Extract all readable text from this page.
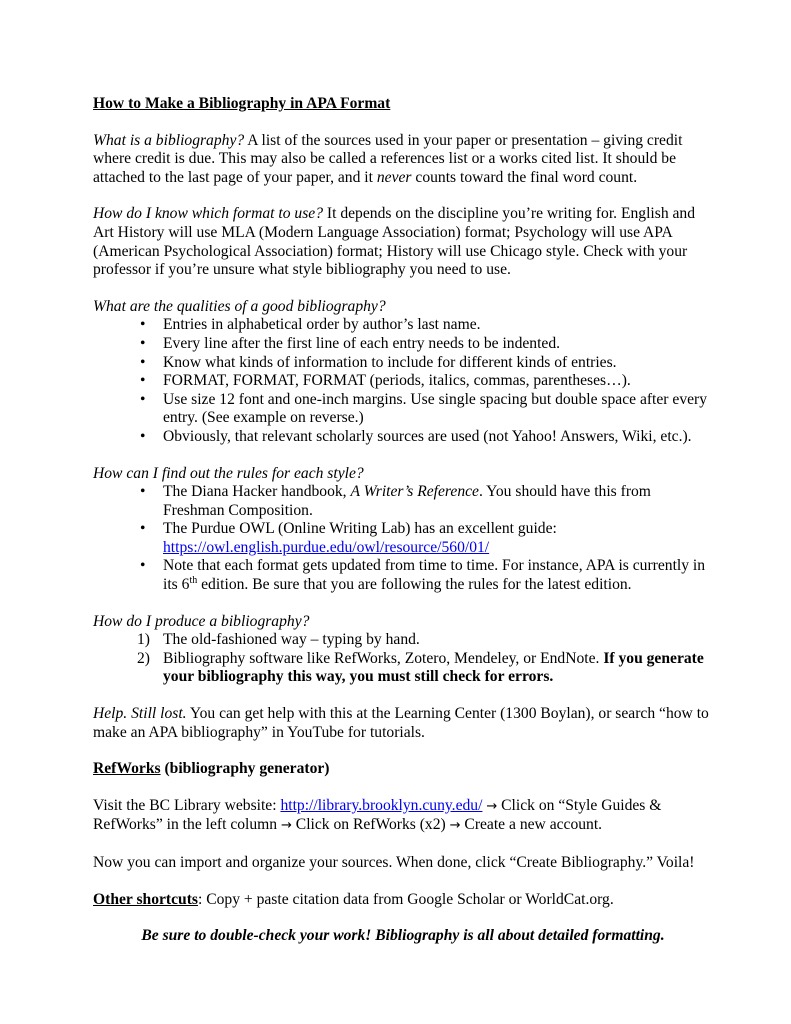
How to Make a Bibliography in APA Format

What is a bibliography? A list of the sources used in your paper or presentation – giving credit where credit is due. This may also be called a references list or a works cited list. It should be attached to the last page of your paper, and it never counts toward the final word count.

How do I know which format to use? It depends on the discipline you’re writing for. English and Art History will use MLA (Modern Language Association) format; Psychology will use APA (American Psychological Association) format; History will use Chicago style. Check with your professor if you’re unsure what style bibliography you need to use.

What are the qualities of a good bibliography?
• Entries in alphabetical order by author’s last name.
• Every line after the first line of each entry needs to be indented.
• Know what kinds of information to include for different kinds of entries.
• FORMAT, FORMAT, FORMAT (periods, italics, commas, parentheses…).
• Use size 12 font and one-inch margins. Use single spacing but double space after every entry. (See example on reverse.)
• Obviously, that relevant scholarly sources are used (not Yahoo! Answers, Wiki, etc.).
How can I find out the rules for each style?
• The Diana Hacker handbook, A Writer’s Reference. You should have this from Freshman Composition.
• The Purdue OWL (Online Writing Lab) has an excellent guide: https://owl.english.purdue.edu/owl/resource/560/01/
• Note that each format gets updated from time to time. For instance, APA is currently in its 6th edition. Be sure that you are following the rules for the latest edition.
How do I produce a bibliography?
1) The old-fashioned way – typing by hand.
2) Bibliography software like RefWorks, Zotero, Mendeley, or EndNote. If you generate your bibliography this way, you must still check for errors.

Help. Still lost. You can get help with this at the Learning Center (1300 Boylan), or search “how to make an APA bibliography” in YouTube for tutorials.

RefWorks (bibliography generator)

Visit the BC Library website: http://library.brooklyn.cuny.edu/ → Click on “Style Guides & RefWorks” in the left column → Click on RefWorks (x2) → Create a new account.

Now you can import and organize your sources. When done, click “Create Bibliography.” Voila!

Other shortcuts: Copy + paste citation data from Google Scholar or WorldCat.org.

Be sure to double-check your work! Bibliography is all about detailed formatting.
